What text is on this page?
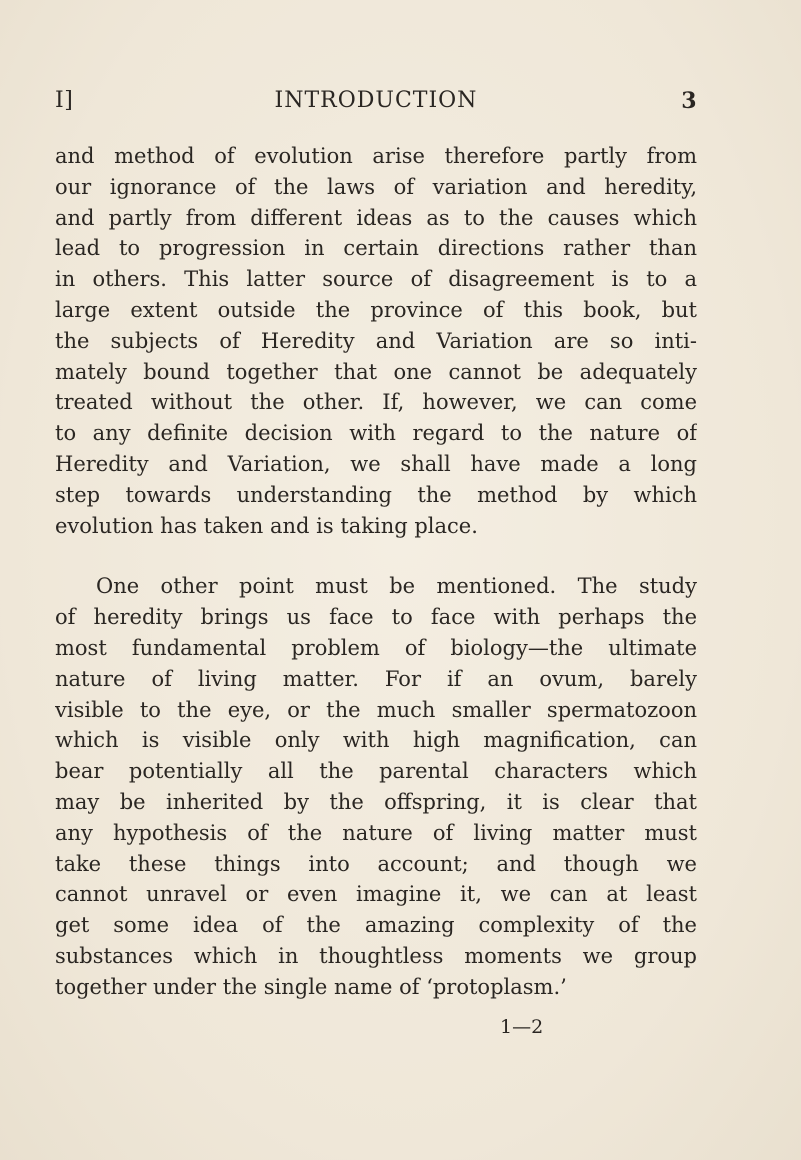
I]	INTRODUCTION	3

and method of evolution arise therefore partly from
our ignorance of the laws of variation and heredity,
and partly from different ideas as to the causes which
lead to progression in certain directions rather than
in others. This latter source of disagreement is to a
large extent outside the province of this book, but
the subjects of Heredity and Variation are so inti-
mately bound together that one cannot be adequately
treated without the other. If, however, we can come
to any definite decision with regard to the nature of
Heredity and Variation, we shall have made a long
step towards understanding the method by which
evolution has taken and is taking place.

One other point must be mentioned. The study
of heredity brings us face to face with perhaps the
most fundamental problem of biology—the ultimate
nature of living matter. For if an ovum, barely
visible to the eye, or the much smaller spermatozoon
which is visible only with high magnification, can
bear potentially all the parental characters which
may be inherited by the offspring, it is clear that
any hypothesis of the nature of living matter must
take these things into account; and though we
cannot unravel or even imagine it, we can at least
get some idea of the amazing complexity of the
substances which in thoughtless moments we group
together under the single name of ‘protoplasm.’

1—2
